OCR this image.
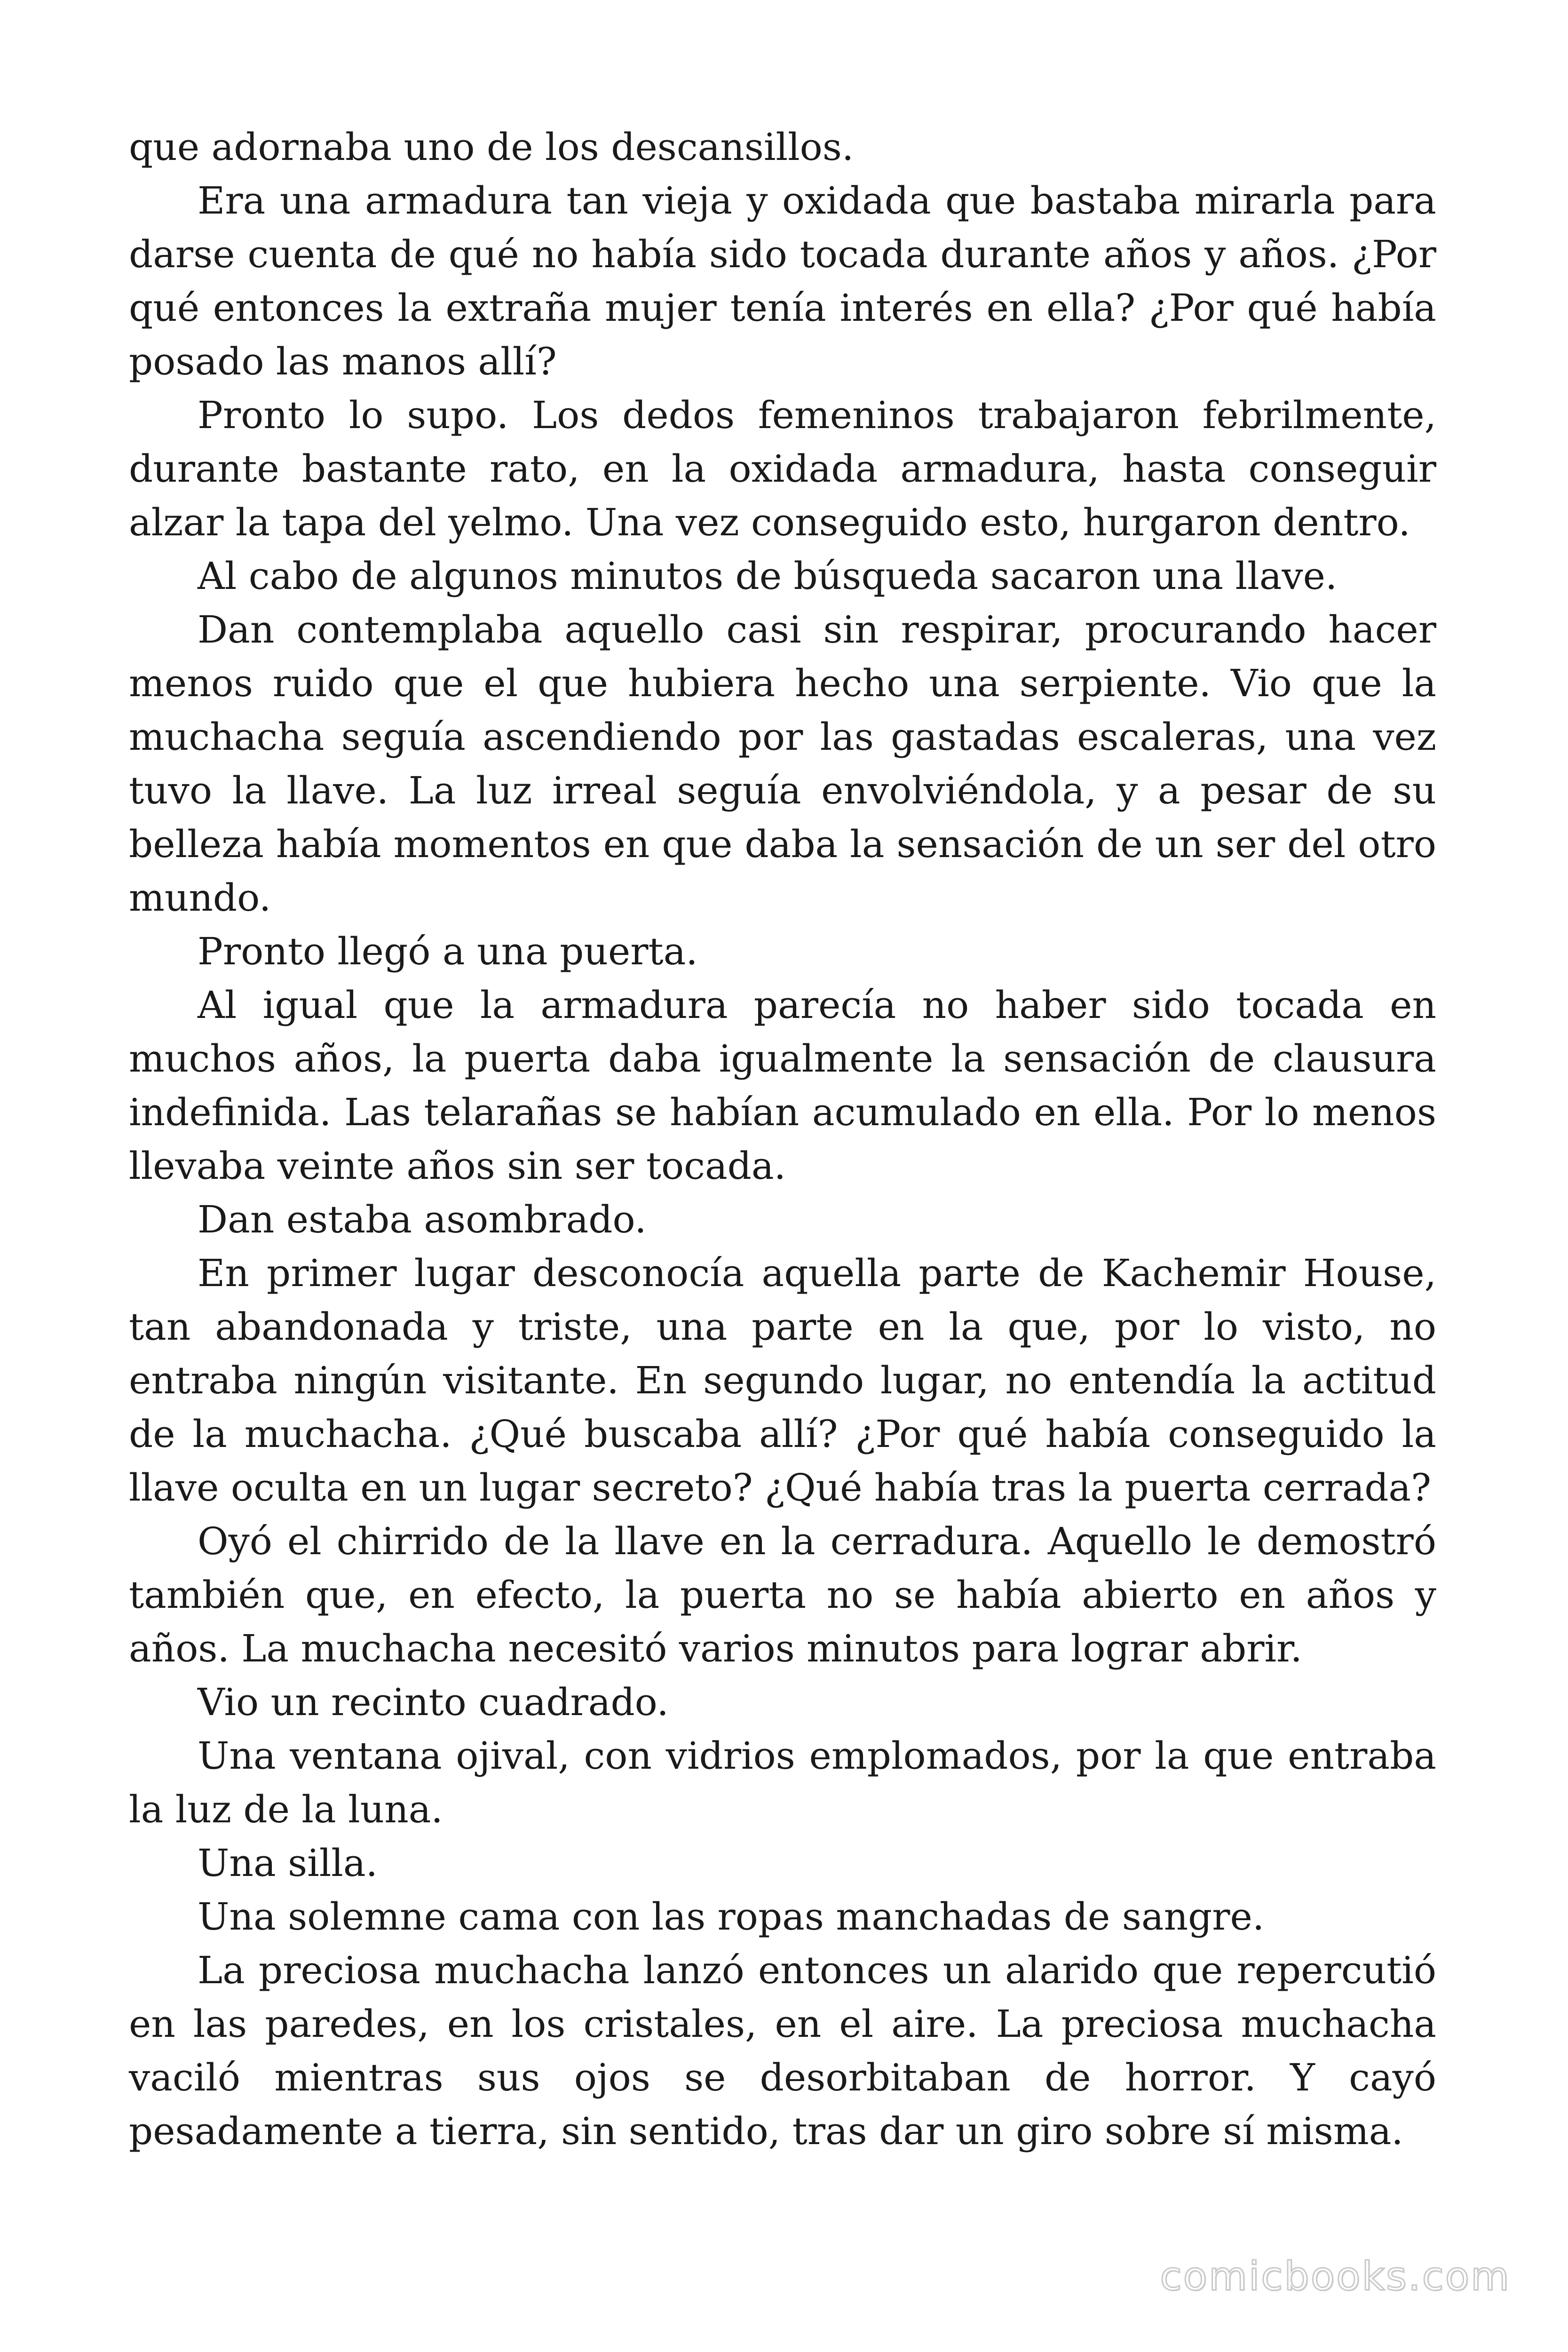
que adornaba uno de los descansillos.

Era una armadura tan vieja y oxidada que bastaba mirarla para darse cuenta de qué no había sido tocada durante años y años. ¿Por qué entonces la extraña mujer tenía interés en ella? ¿Por qué había posado las manos allí?

Pronto lo supo. Los dedos femeninos trabajaron febrilmente, durante bastante rato, en la oxidada armadura, hasta conseguir alzar la tapa del yelmo. Una vez conseguido esto, hurgaron dentro.

Al cabo de algunos minutos de búsqueda sacaron una llave.

Dan contemplaba aquello casi sin respirar, procurando hacer menos ruido que el que hubiera hecho una serpiente. Vio que la muchacha seguía ascendiendo por las gastadas escaleras, una vez tuvo la llave. La luz irreal seguía envolviéndola, y a pesar de su belleza había momentos en que daba la sensación de un ser del otro mundo.

Pronto llegó a una puerta.

Al igual que la armadura parecía no haber sido tocada en muchos años, la puerta daba igualmente la sensación de clausura indefinida. Las telarañas se habían acumulado en ella. Por lo menos llevaba veinte años sin ser tocada.

Dan estaba asombrado.

En primer lugar desconocía aquella parte de Kachemir House, tan abandonada y triste, una parte en la que, por lo visto, no entraba ningún visitante. En segundo lugar, no entendía la actitud de la muchacha. ¿Qué buscaba allí? ¿Por qué había conseguido la llave oculta en un lugar secreto? ¿Qué había tras la puerta cerrada?

Oyó el chirrido de la llave en la cerradura. Aquello le demostró también que, en efecto, la puerta no se había abierto en años y años. La muchacha necesitó varios minutos para lograr abrir.

Vio un recinto cuadrado.

Una ventana ojival, con vidrios emplomados, por la que entraba la luz de la luna.

Una silla.

Una solemne cama con las ropas manchadas de sangre.

La preciosa muchacha lanzó entonces un alarido que repercutió en las paredes, en los cristales, en el aire. La preciosa muchacha vaciló mientras sus ojos se desorbitaban de horror. Y cayó pesadamente a tierra, sin sentido, tras dar un giro sobre sí misma.

comicbooks.com
